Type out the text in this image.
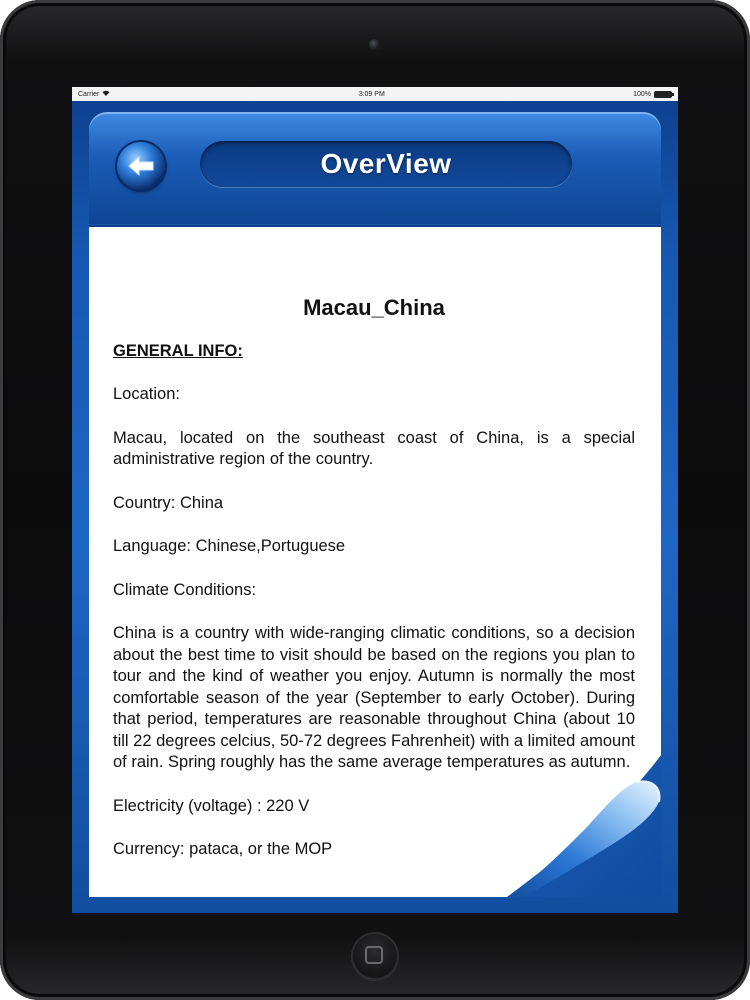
Carrier	3:09 PM	100%
OverView

Macau_China

GENERAL INFO:

Location:

Macau, located on the southeast coast of China, is a special administrative region of the country.

Country: China

Language: Chinese,Portuguese

Climate Conditions:

China is a country with wide-ranging climatic conditions, so a decision about the best time to visit should be based on the regions you plan to tour and the kind of weather you enjoy. Autumn is normally the most comfortable season of the year (September to early October). During that period, temperatures are reasonable throughout China (about 10 till 22 degrees celcius, 50-72 degrees Fahrenheit) with a limited amount of rain. Spring roughly has the same average temperatures as autumn.

Electricity (voltage) : 220 V

Currency: pataca, or the MOP
